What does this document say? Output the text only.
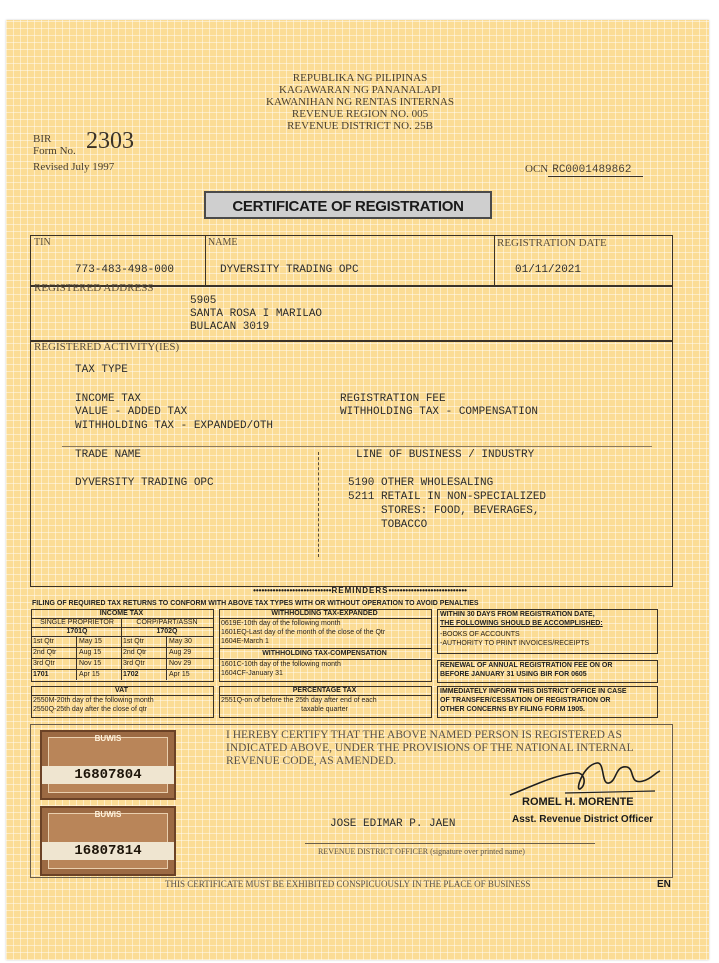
REPUBLIKA NG PILIPINAS
KAGAWARAN NG PANANALAPI
KAWANIHAN NG RENTAS INTERNAS
REVENUE REGION NO. 005
REVENUE DISTRICT NO. 25B
BIR
Form No. 2303
Revised July 1997	OCN RC0001489862
CERTIFICATE OF REGISTRATION
TIN	NAME	REGISTRATION DATE
773-483-498-000	DYVERSITY TRADING OPC	01/11/2021
REGISTERED ADDRESS
5905
SANTA ROSA I MARILAO
BULACAN 3019
REGISTERED ACTIVITY(IES)
TAX TYPE
INCOME TAX
VALUE - ADDED TAX
WITHHOLDING TAX - EXPANDED/OTH
REGISTRATION FEE
WITHHOLDING TAX - COMPENSATION
TRADE NAME	LINE OF BUSINESS / INDUSTRY
DYVERSITY TRADING OPC	5190 OTHER WHOLESALING
5211 RETAIL IN NON-SPECIALIZED
STORES: FOOD, BEVERAGES,
TOBACCO
••••••••••••••••••••••••••••REMINDERS••••••••••••••••••••••••••••
FILING OF REQUIRED TAX RETURNS TO CONFORM WITH ABOVE TAX TYPES WITH OR WITHOUT OPERATION TO AVOID PENALTIES
INCOME TAX
SINGLE PROPRIETOR	CORP/PART/ASSN
1701Q	1702Q
1st Qtr	May 15	1st Qtr	May 30
2nd Qtr	Aug 15	2nd Qtr	Aug 29
3rd Qtr	Nov 15	3rd Qtr	Nov 29
1701	Apr 15	1702	Apr 15
VAT
2550M-20th day of the following month
2550Q-25th day after the close of qtr
WITHHOLDING TAX-EXPANDED
0619E-10th day of the following month
1601EQ-Last day of the month of the close of the Qtr
1604E-March 1
WITHHOLDING TAX-COMPENSATION
1601C-10th day of the following month
1604CF-January 31
PERCENTAGE TAX
2551Q-on of before the 25th day after end of each
taxable quarter
WITHIN 30 DAYS FROM REGISTRATION DATE,
THE FOLLOWING SHOULD BE ACCOMPLISHED:
-BOOKS OF ACCOUNTS
-AUTHORITY TO PRINT INVOICES/RECEIPTS
RENEWAL OF ANNUAL REGISTRATION FEE ON OR
BEFORE JANUARY 31 USING BIR FOR 0605
IMMEDIATELY INFORM THIS DISTRICT OFFICE IN CASE
OF TRANSFER/CESSATION OF REGISTRATION OR
OTHER CONCERNS BY FILING FORM 1905.
I HEREBY CERTIFY THAT THE ABOVE NAMED PERSON IS REGISTERED AS
INDICATED ABOVE, UNDER THE PROVISIONS OF THE NATIONAL INTERNAL
REVENUE CODE, AS AMENDED.
ROMEL H. MORENTE
Asst. Revenue District Officer
JOSE EDIMAR P. JAEN
REVENUE DISTRICT OFFICER (signature over printed name)
BUWIS
16807804
BUWIS
16807814
THIS CERTIFICATE MUST BE EXHIBITED CONSPICUOUSLY IN THE PLACE OF BUSINESS	EN
